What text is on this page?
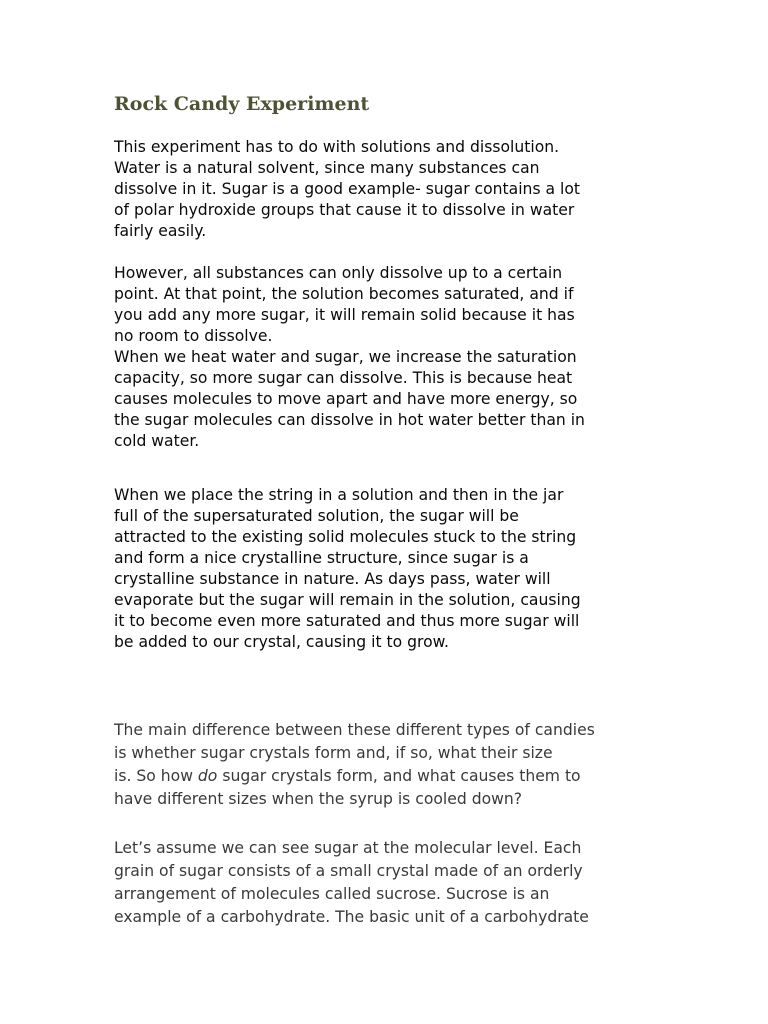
Rock Candy Experiment

This experiment has to do with solutions and dissolution.
Water is a natural solvent, since many substances can
dissolve in it. Sugar is a good example- sugar contains a lot
of polar hydroxide groups that cause it to dissolve in water
fairly easily.

However, all substances can only dissolve up to a certain
point. At that point, the solution becomes saturated, and if
you add any more sugar, it will remain solid because it has
no room to dissolve.

When we heat water and sugar, we increase the saturation
capacity, so more sugar can dissolve. This is because heat
causes molecules to move apart and have more energy, so
the sugar molecules can dissolve in hot water better than in
cold water.

When we place the string in a solution and then in the jar
full of the supersaturated solution, the sugar will be
attracted to the existing solid molecules stuck to the string
and form a nice crystalline structure, since sugar is a
crystalline substance in nature. As days pass, water will
evaporate but the sugar will remain in the solution, causing
it to become even more saturated and thus more sugar will
be added to our crystal, causing it to grow.

The main difference between these different types of candies
is whether sugar crystals form and, if so, what their size
is. So how do sugar crystals form, and what causes them to
have different sizes when the syrup is cooled down?

Let’s assume we can see sugar at the molecular level. Each
grain of sugar consists of a small crystal made of an orderly
arrangement of molecules called sucrose. Sucrose is an
example of a carbohydrate. The basic unit of a carbohydrate
